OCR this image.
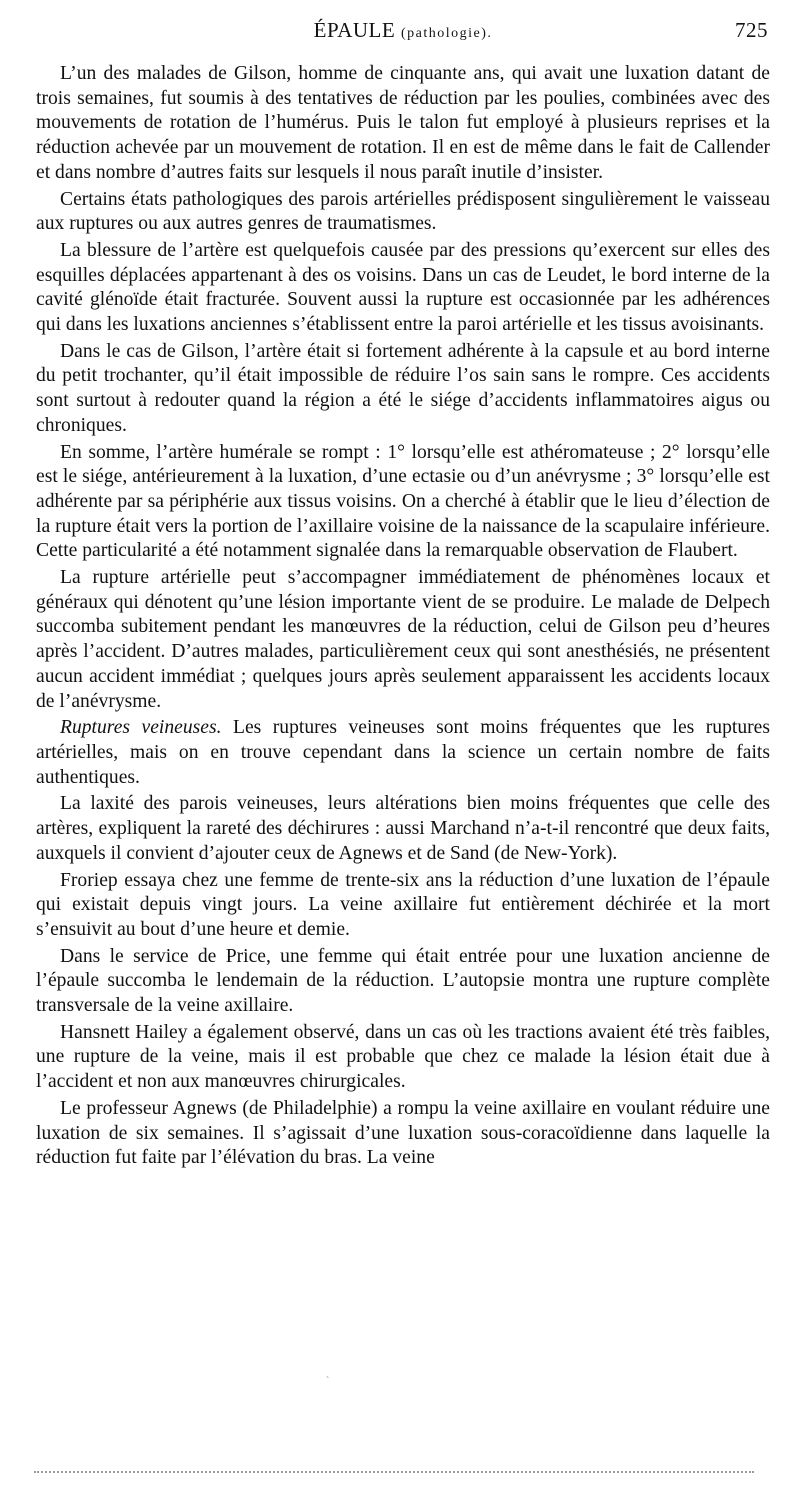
ÉPAULE (pathologie).	725

L’un des malades de Gilson, homme de cinquante ans, qui avait une luxation datant de trois semaines, fut soumis à des tentatives de réduction par les poulies, combinées avec des mouvements de rotation de l’humérus. Puis le talon fut employé à plusieurs reprises et la réduction achevée par un mouvement de rotation. Il en est de même dans le fait de Callender et dans nombre d’autres faits sur lesquels il nous paraît inutile d’insister.

Certains états pathologiques des parois artérielles prédisposent singulièrement le vaisseau aux ruptures ou aux autres genres de traumatismes.

La blessure de l’artère est quelquefois causée par des pressions qu’exercent sur elles des esquilles déplacées appartenant à des os voisins. Dans un cas de Leudet, le bord interne de la cavité glénoïde était fracturée. Souvent aussi la rupture est occasionnée par les adhérences qui dans les luxations anciennes s’établissent entre la paroi artérielle et les tissus avoisinants.

Dans le cas de Gilson, l’artère était si fortement adhérente à la capsule et au bord interne du petit trochanter, qu’il était impossible de réduire l’os sain sans le rompre. Ces accidents sont surtout à redouter quand la région a été le siége d’accidents inflammatoires aigus ou chroniques.

En somme, l’artère humérale se rompt : 1° lorsqu’elle est athéromateuse ; 2° lorsqu’elle est le siége, antérieurement à la luxation, d’une ectasie ou d’un anévrysme ; 3° lorsqu’elle est adhérente par sa périphérie aux tissus voisins. On a cherché à établir que le lieu d’élection de la rupture était vers la portion de l’axillaire voisine de la naissance de la scapulaire inférieure. Cette particularité a été notamment signalée dans la remarquable observation de Flaubert.

La rupture artérielle peut s’accompagner immédiatement de phénomènes locaux et généraux qui dénotent qu’une lésion importante vient de se produire. Le malade de Delpech succomba subitement pendant les manœuvres de la réduction, celui de Gilson peu d’heures après l’accident. D’autres malades, particulièrement ceux qui sont anesthésiés, ne présentent aucun accident immédiat ; quelques jours après seulement apparaissent les accidents locaux de l’anévrysme.

Ruptures veineuses. Les ruptures veineuses sont moins fréquentes que les ruptures artérielles, mais on en trouve cependant dans la science un certain nombre de faits authentiques.

La laxité des parois veineuses, leurs altérations bien moins fréquentes que celle des artères, expliquent la rareté des déchirures : aussi Marchand n’a-t-il rencontré que deux faits, auxquels il convient d’ajouter ceux de Agnews et de Sand (de New-York).

Froriep essaya chez une femme de trente-six ans la réduction d’une luxation de l’épaule qui existait depuis vingt jours. La veine axillaire fut entièrement déchirée et la mort s’ensuivit au bout d’une heure et demie.

Dans le service de Price, une femme qui était entrée pour une luxation ancienne de l’épaule succomba le lendemain de la réduction. L’autopsie montra une rupture complète transversale de la veine axillaire.

Hansnett Hailey a également observé, dans un cas où les tractions avaient été très faibles, une rupture de la veine, mais il est probable que chez ce malade la lésion était due à l’accident et non aux manœuvres chirurgicales.

Le professeur Agnews (de Philadelphie) a rompu la veine axillaire en voulant réduire une luxation de six semaines. Il s’agissait d’une luxation sous-coracoïdienne dans laquelle la réduction fut faite par l’élévation du bras. La veine

`
